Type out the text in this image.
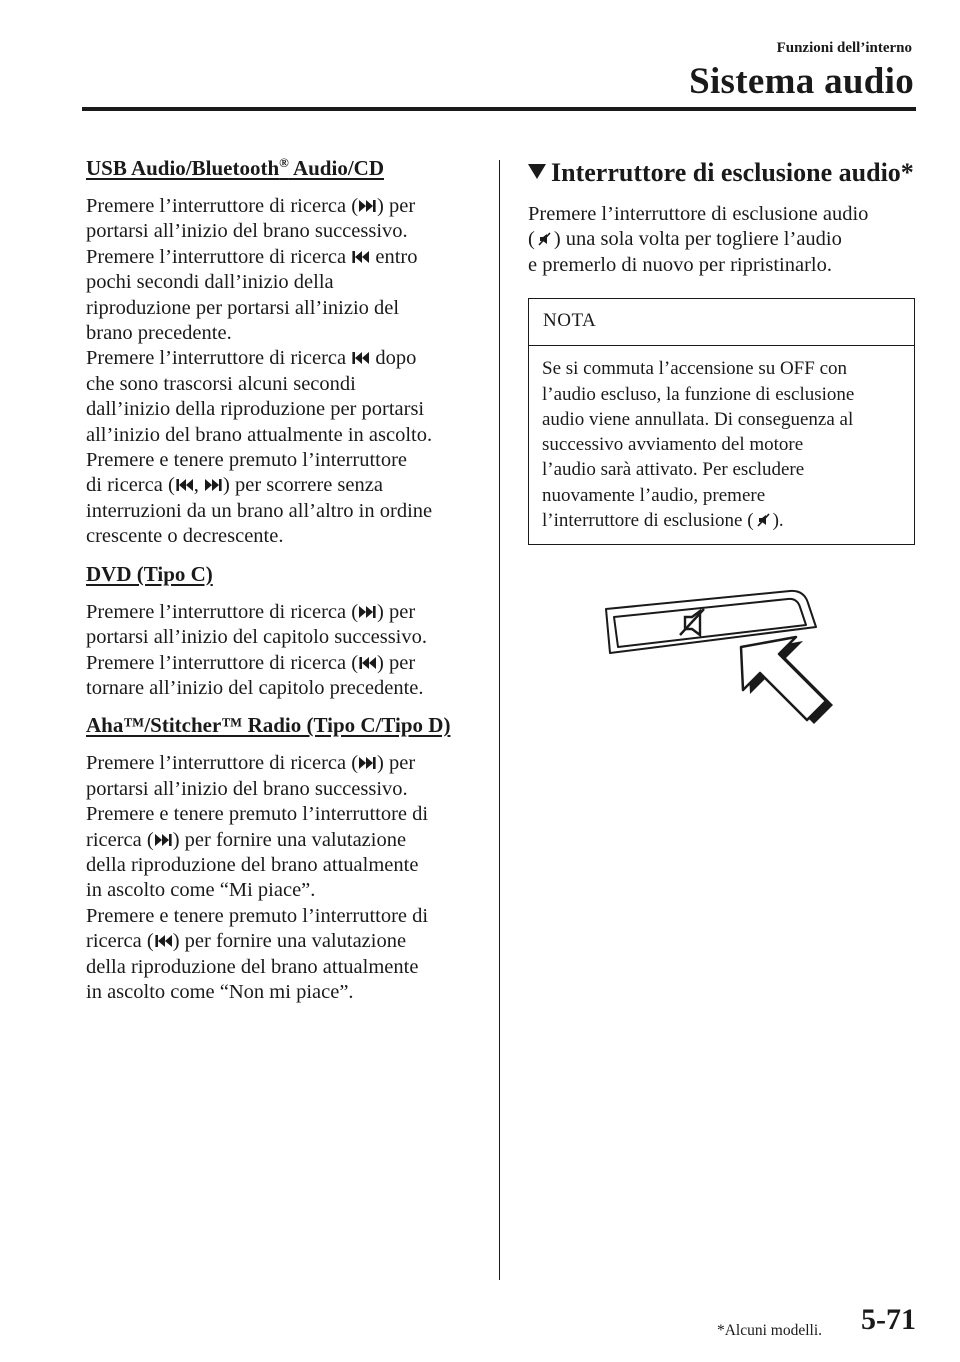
Funzioni dell’interno
Sistema audio
USB Audio/Bluetooth® Audio/CD
Premere l’interruttore di ricerca ( ) per
portarsi all’inizio del brano successivo.
Premere l’interruttore di ricerca
entro
pochi secondi dall’inizio della
riproduzione per portarsi all’inizio del
brano precedente.
Premere l’interruttore di ricerca
dopo
che sono trascorsi alcuni secondi
dall’inizio della riproduzione per portarsi
all’inizio del brano attualmente in ascolto.
Premere e tenere premuto l’interruttore
di ricerca ( ,
) per scorrere senza
interruzioni da un brano all’altro in ordine
crescente o decrescente.
DVD (Tipo C)
Premere l’interruttore di ricerca ( ) per
portarsi all’inizio del capitolo successivo.
Premere l’interruttore di ricerca ( ) per
tornare all’inizio del capitolo precedente.
Aha™/Stitcher™ Radio (Tipo C/Tipo D)
Premere l’interruttore di ricerca ( ) per
portarsi all’inizio del brano successivo.
Premere e tenere premuto l’interruttore di
ricerca ( ) per fornire una valutazione
della riproduzione del brano attualmente
in ascolto come “Mi piace”.
Premere e tenere premuto l’interruttore di
ricerca ( ) per fornire una valutazione
della riproduzione del brano attualmente
in ascolto come “Non mi piace”.
Interruttore di esclusione audio*
Premere l’interruttore di esclusione audio
( ) una sola volta per togliere l’audio
e premerlo di nuovo per ripristinarlo.
NOTA
Se si commuta l’accensione su OFF con
l’audio escluso, la funzione di esclusione
audio viene annullata. Di conseguenza al
successivo avviamento del motore
l’audio sarà attivato. Per escludere
nuovamente l’audio, premere
l’interruttore di esclusione ( ).
*Alcuni modelli. 5-71
